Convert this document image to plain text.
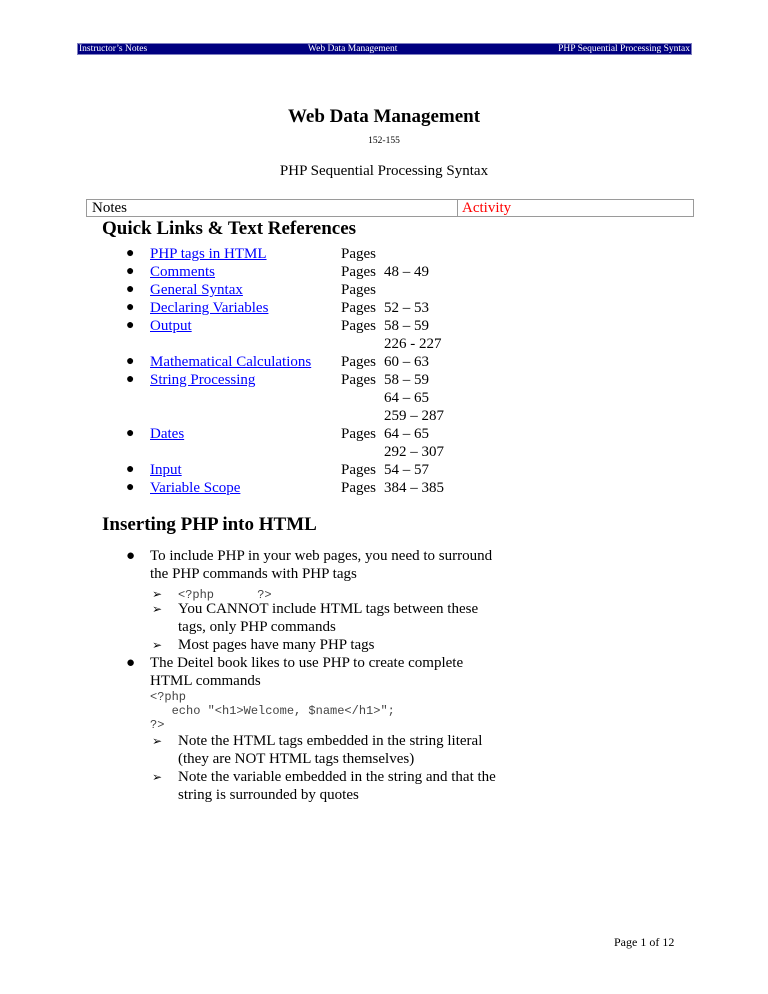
Instructor’s Notes	Web Data Management	PHP Sequential Processing Syntax
Web Data Management
152-155
PHP Sequential Processing Syntax
Notes	Activity
Quick Links & Text References
● PHP tags in HTML	Pages
● Comments	Pages 48 – 49
● General Syntax	Pages
● Declaring Variables	Pages 52 – 53
● Output	Pages 58 – 59
226 - 227
● Mathematical Calculations Pages 60 – 63
● String Processing	Pages 58 – 59
64 – 65
259 – 287
● Dates	Pages 64 – 65
292 – 307
● Input	Pages 54 – 57
● Variable Scope	Pages 384 – 385
Inserting PHP into HTML
● To include PHP in your web pages, you need to surround
the PHP commands with PHP tags
➢ <?php      ?>
➢ You CANNOT include HTML tags between these
tags, only PHP commands
➢ Most pages have many PHP tags
● The Deitel book likes to use PHP to create complete
HTML commands
<?php
echo "<h1>Welcome, $name</h1>";
?>
➢ Note the HTML tags embedded in the string literal
(they are NOT HTML tags themselves)
➢ Note the variable embedded in the string and that the
string is surrounded by quotes
Page 1 of 12
